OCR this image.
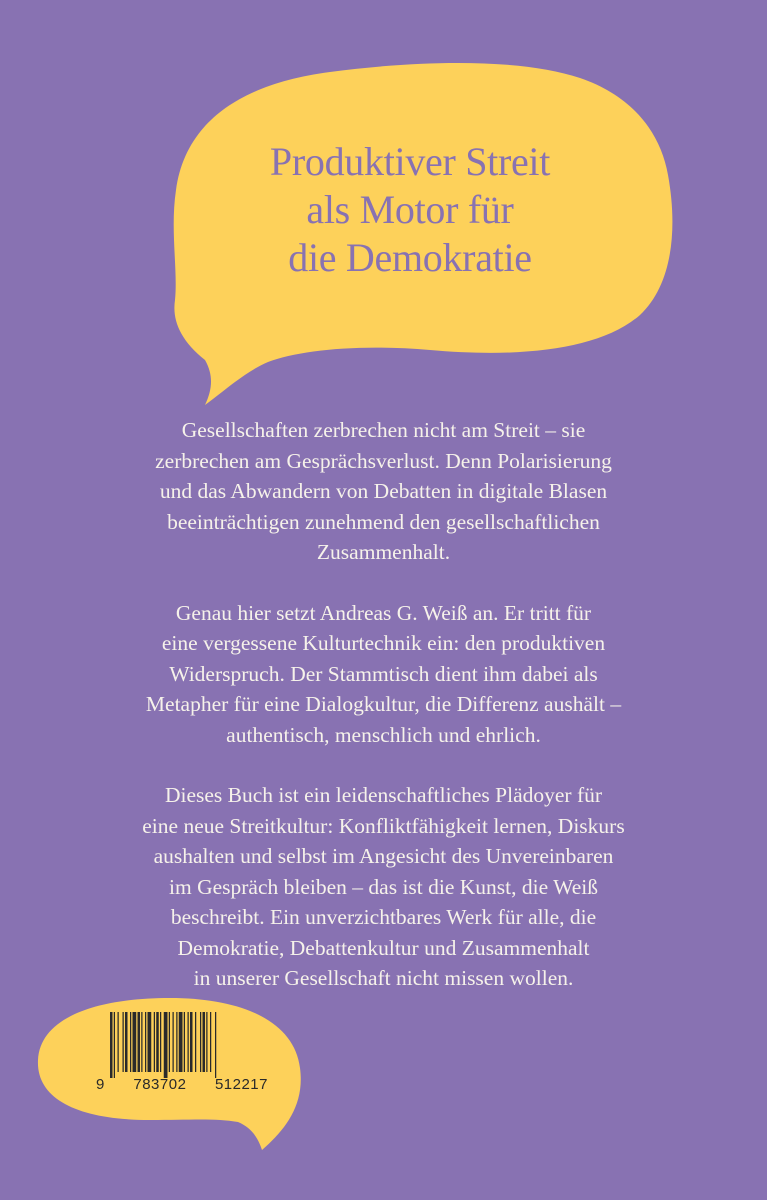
Produktiver Streit
als Motor für
die Demokratie

Gesellschaften zerbrechen nicht am Streit – sie
zerbrechen am Gesprächsverlust. Denn Polarisierung
und das Abwandern von Debatten in digitale Blasen
beeinträchtigen zunehmend den gesellschaftlichen
Zusammenhalt.

Genau hier setzt Andreas G. Weiß an. Er tritt für
eine vergessene Kulturtechnik ein: den produktiven
Widerspruch. Der Stammtisch dient ihm dabei als
Metapher für eine Dialogkultur, die Differenz aushält –
authentisch, menschlich und ehrlich.

Dieses Buch ist ein leidenschaftliches Plädoyer für
eine neue Streitkultur: Konfliktfähigkeit lernen, Diskurs
aushalten und selbst im Angesicht des Unvereinbaren
im Gespräch bleiben – das ist die Kunst, die Weiß
beschreibt. Ein unverzichtbares Werk für alle, die
Demokratie, Debattenkultur und Zusammenhalt
in unserer Gesellschaft nicht missen wollen.

9 783702 512217
